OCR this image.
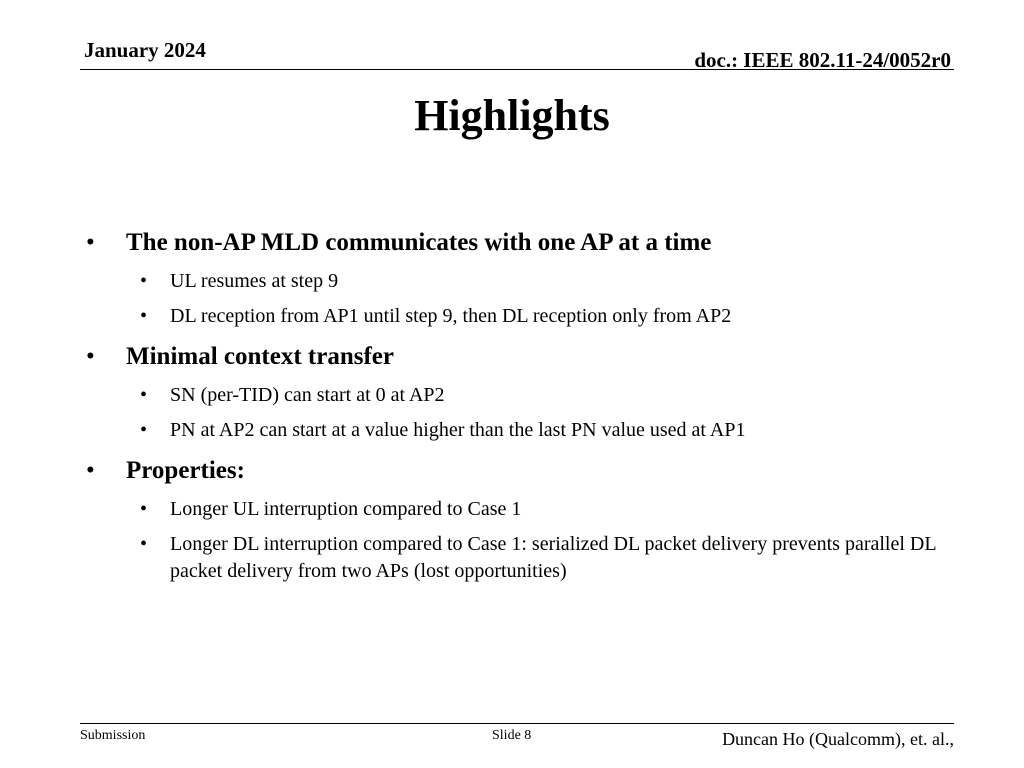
January 2024	doc.: IEEE 802.11-24/0052r0
Highlights
• The non-AP MLD communicates with one AP at a time
• UL resumes at step 9
• DL reception from AP1 until step 9, then DL reception only from AP2
• Minimal context transfer
• SN (per-TID) can start at 0 at AP2
• PN at AP2 can start at a value higher than the last PN value used at AP1
• Properties:
• Longer UL interruption compared to Case 1
• Longer DL interruption compared to Case 1: serialized DL packet delivery prevents parallel DL packet delivery from two APs (lost opportunities)
Submission	Slide 8	Duncan Ho (Qualcomm), et. al.,
